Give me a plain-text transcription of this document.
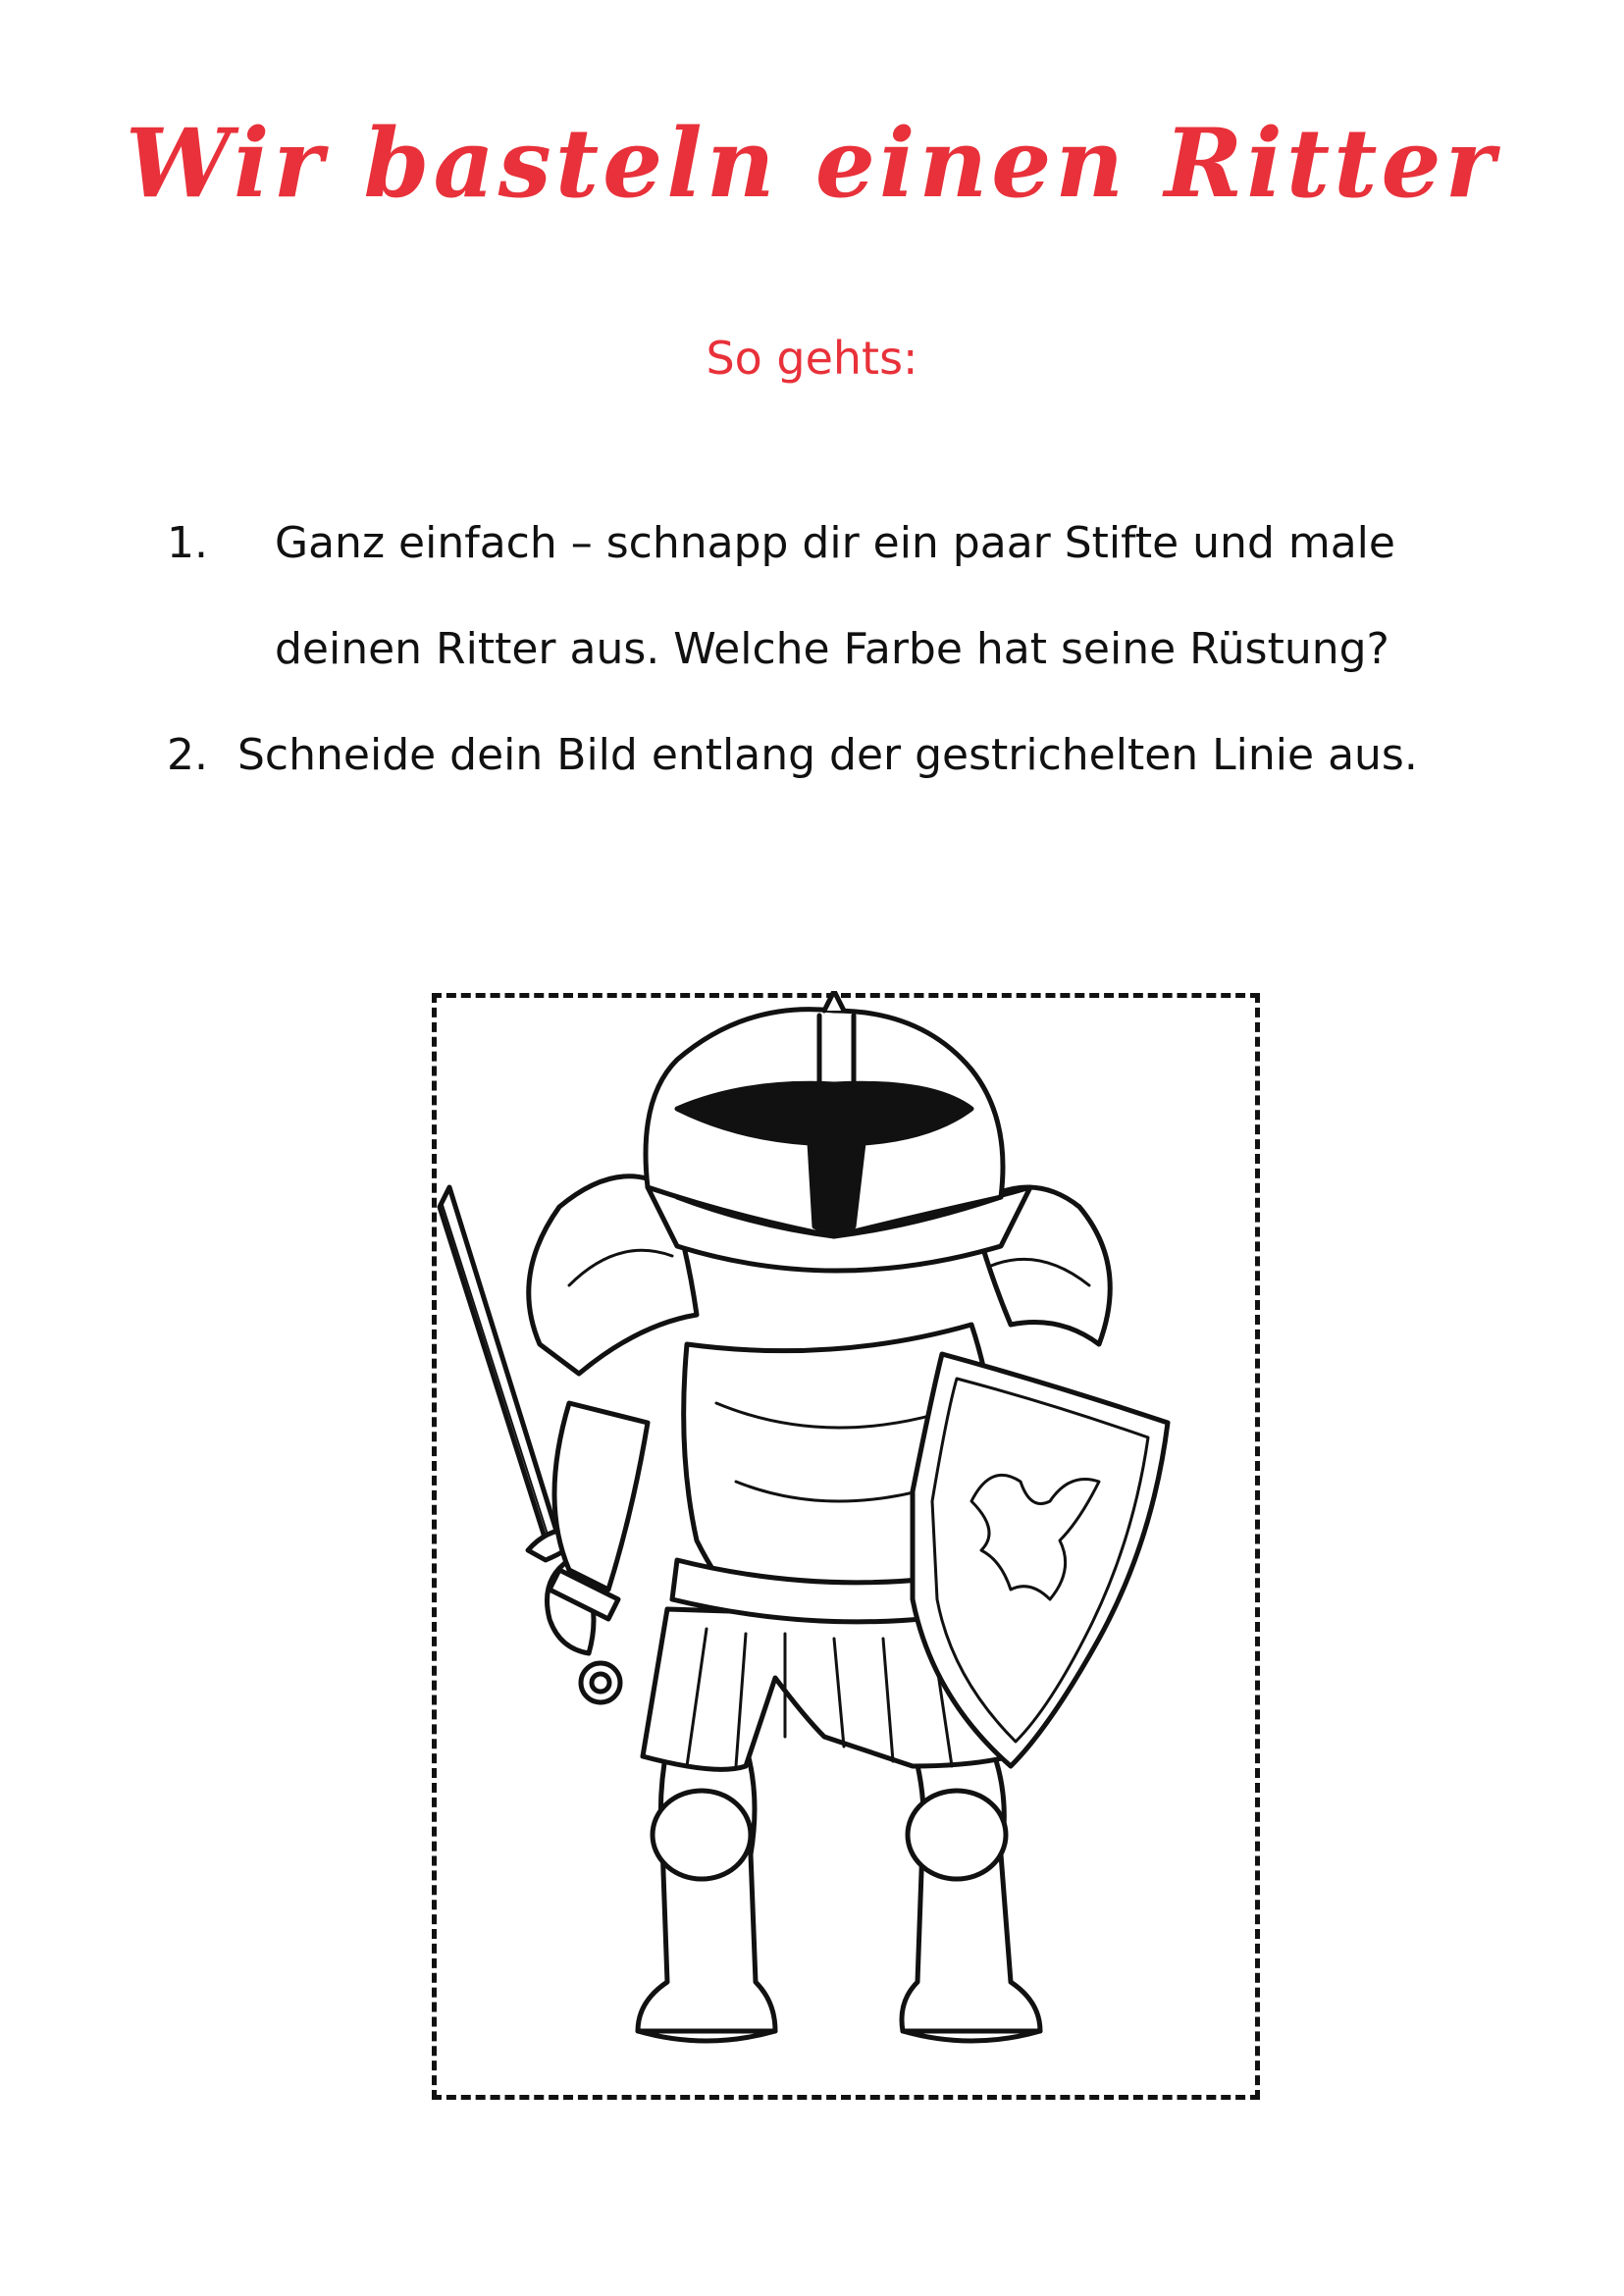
Wir basteln einen Ritter

So gehts:

1.	Ganz einfach – schnapp dir ein paar Stifte und male deinen Ritter aus. Welche Farbe hat seine Rüstung?
2. Schneide dein Bild entlang der gestrichelten Linie aus.
